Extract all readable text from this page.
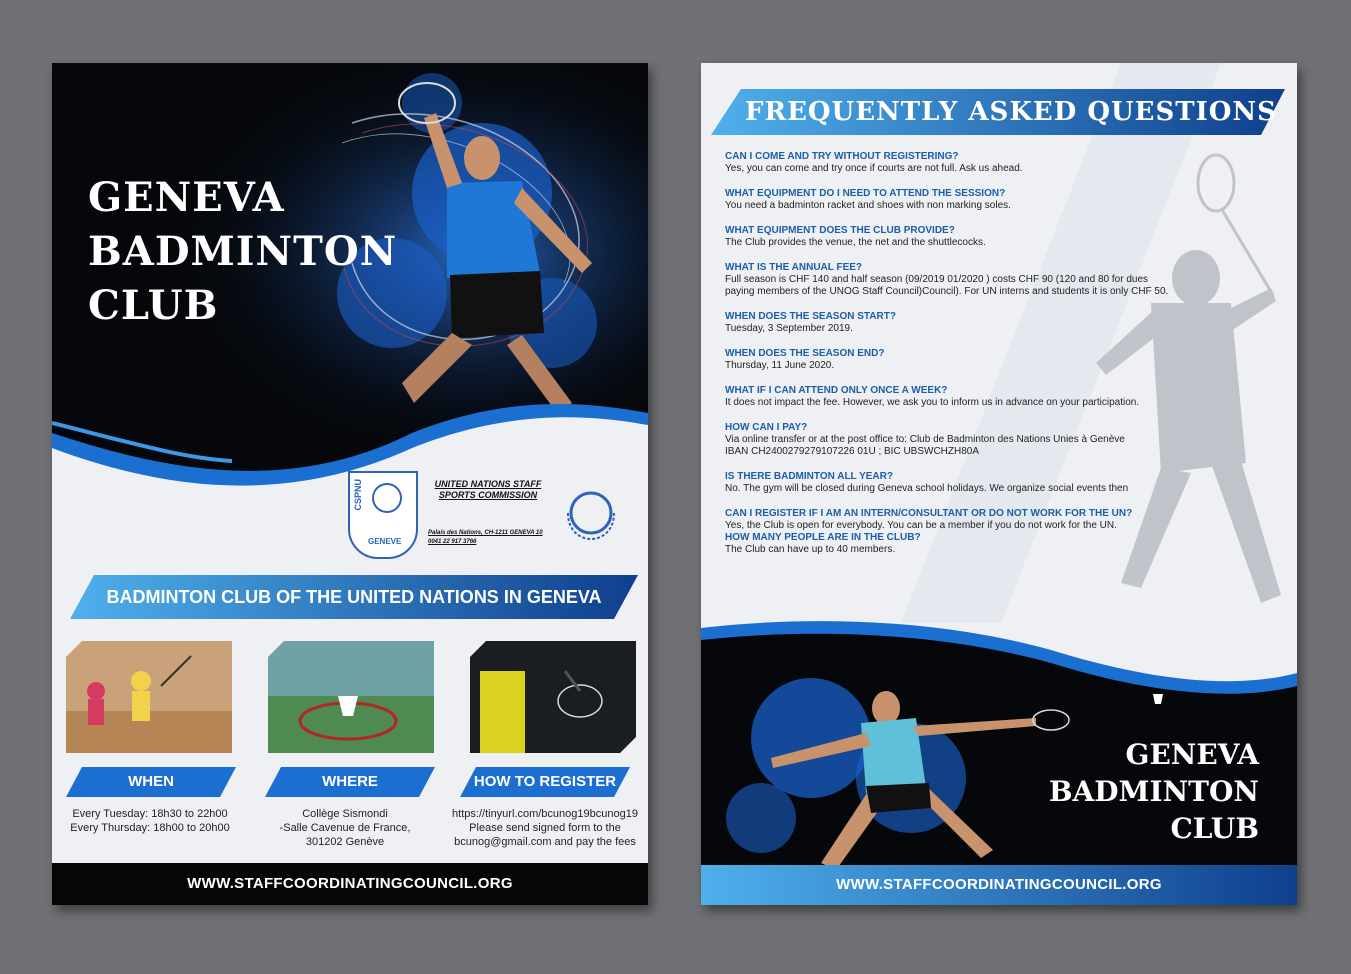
GENEVA
BADMINTON
CLUB
CSPNU
GENEVE
UNITED NATIONS STAFF SPORTS COMMISSION
Palais des Nations, CH-1211 GENEVA 10
0041 22 917 3766
BADMINTON CLUB OF THE UNITED NATIONS IN GENEVA
WHEN	WHERE	HOW TO REGISTER
Every Tuesday: 18h30 to 22h00
Every Thursday: 18h00 to 20h00
Collège Sismondi
-Salle Cavenue de France,
301202 Genève
https://tinyurl.com/bcunog19bcunog19
Please send signed form to the
bcunog@gmail.com and pay the fees
WWW.STAFFCOORDINATINGCOUNCIL.ORG
FREQUENTLY ASKED QUESTIONS
CAN I COME AND TRY WITHOUT REGISTERING?
Yes, you can come and try once if courts are not full. Ask us ahead.
WHAT EQUIPMENT DO I NEED TO ATTEND THE SESSION?
You need a badminton racket and shoes with non marking soles.
WHAT EQUIPMENT DOES THE CLUB PROVIDE?
The Club provides the venue, the net and the shuttlecocks.
WHAT IS THE ANNUAL FEE?
Full season is CHF 140 and half season (09/2019 01/2020 ) costs CHF 90 (120 and 80 for dues
paying members of the UNOG Staff Council)Council). For UN interns and students it is only CHF 50.
WHEN DOES THE SEASON START?
Tuesday, 3 September 2019.
WHEN DOES THE SEASON END?
Thursday, 11 June 2020.
WHAT IF I CAN ATTEND ONLY ONCE A WEEK?
It does not impact the fee. However, we ask you to inform us in advance on your participation.
HOW CAN I PAY?
Via online transfer or at the post office to: Club de Badminton des Nations Unies à Genève
IBAN CH2400279279107226 01U ; BIC UBSWCHZH80A
IS THERE BADMINTON ALL YEAR?
No. The gym will be closed during Geneva school holidays. We organize social events then
CAN I REGISTER IF I AM AN INTERN/CONSULTANT OR DO NOT WORK FOR THE UN?
Yes, the Club is open for everybody. You can be a member if you do not work for the UN.
HOW MANY PEOPLE ARE IN THE CLUB?
The Club can have up to 40 members.
GENEVA
BADMINTON
CLUB
WWW.STAFFCOORDINATINGCOUNCIL.ORG
